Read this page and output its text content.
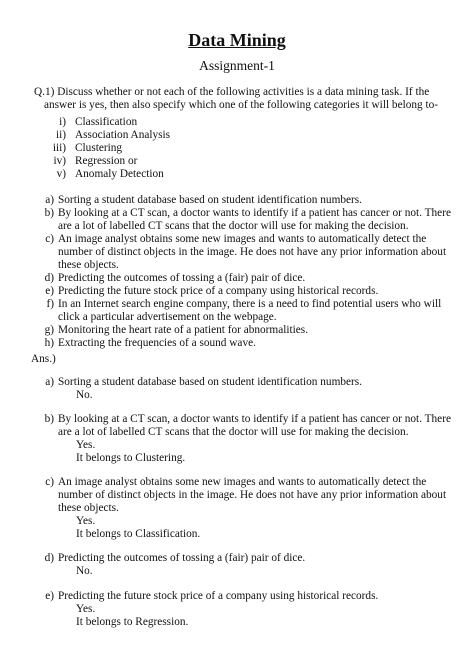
Data Mining
Assignment-1
Q.1) Discuss whether or not each of the following activities is a data mining task. If the
answer is yes, then also specify which one of the following categories it will belong to-
i) Classification
ii) Association Analysis
iii) Clustering
iv) Regression or
v) Anomaly Detection
a) Sorting a student database based on student identification numbers.
b) By looking at a CT scan, a doctor wants to identify if a patient has cancer or not. There
are a lot of labelled CT scans that the doctor will use for making the decision.
c) An image analyst obtains some new images and wants to automatically detect the
number of distinct objects in the image. He does not have any prior information about
these objects.
d) Predicting the outcomes of tossing a (fair) pair of dice.
e) Predicting the future stock price of a company using historical records.
f) In an Internet search engine company, there is a need to find potential users who will
click a particular advertisement on the webpage.
g) Monitoring the heart rate of a patient for abnormalities.
h) Extracting the frequencies of a sound wave.
Ans.)
a) Sorting a student database based on student identification numbers.
No.
b) By looking at a CT scan, a doctor wants to identify if a patient has cancer or not. There
are a lot of labelled CT scans that the doctor will use for making the decision.
Yes.
It belongs to Clustering.
c) An image analyst obtains some new images and wants to automatically detect the
number of distinct objects in the image. He does not have any prior information about
these objects.
Yes.
It belongs to Classification.
d) Predicting the outcomes of tossing a (fair) pair of dice.
No.
e) Predicting the future stock price of a company using historical records.
Yes.
It belongs to Regression.
